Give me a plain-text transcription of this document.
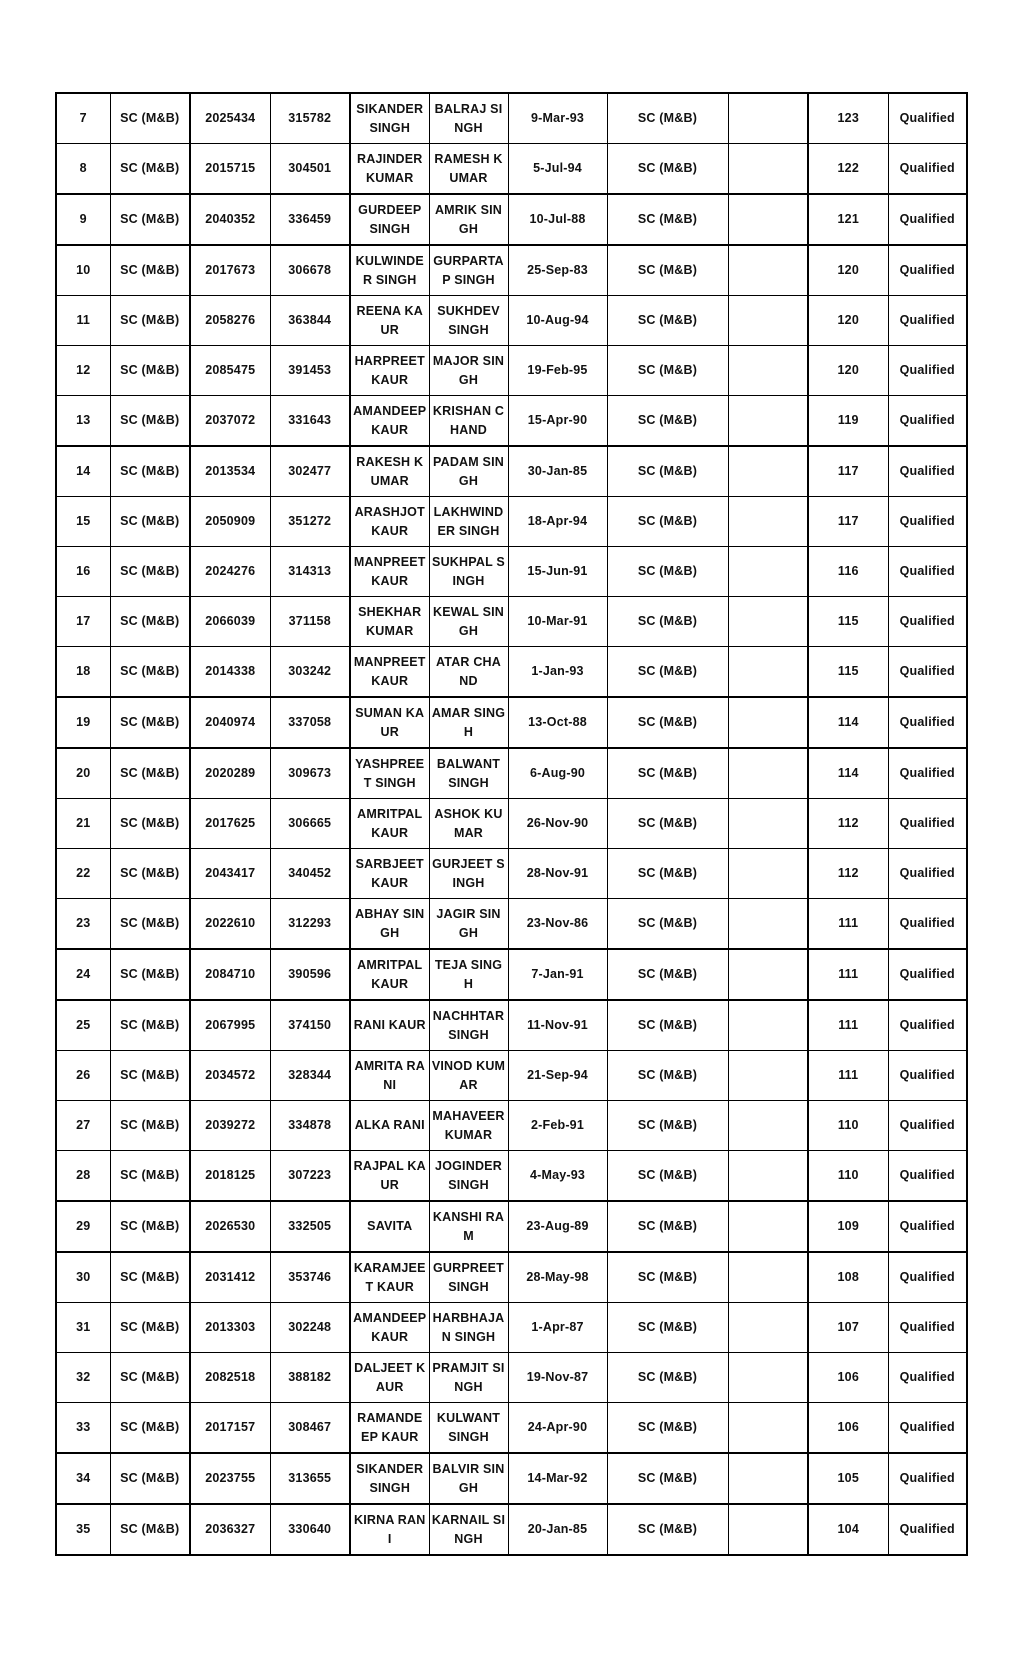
7	SC (M&B)	2025434	315782	SIKANDER SINGH	BALRAJ SINGH	9-Mar-93	SC (M&B)		123	Qualified
8	SC (M&B)	2015715	304501	RAJINDER KUMAR	RAMESH KUMAR	5-Jul-94	SC (M&B)		122	Qualified
9	SC (M&B)	2040352	336459	GURDEEP SINGH	AMRIK SINGH	10-Jul-88	SC (M&B)		121	Qualified
10	SC (M&B)	2017673	306678	KULWINDER SINGH	GURPARTAP SINGH	25-Sep-83	SC (M&B)		120	Qualified
11	SC (M&B)	2058276	363844	REENA KAUR	SUKHDEV SINGH	10-Aug-94	SC (M&B)		120	Qualified
12	SC (M&B)	2085475	391453	HARPREET KAUR	MAJOR SINGH	19-Feb-95	SC (M&B)		120	Qualified
13	SC (M&B)	2037072	331643	AMANDEEP KAUR	KRISHAN CHAND	15-Apr-90	SC (M&B)		119	Qualified
14	SC (M&B)	2013534	302477	RAKESH KUMAR	PADAM SINGH	30-Jan-85	SC (M&B)		117	Qualified
15	SC (M&B)	2050909	351272	ARASHJOT KAUR	LAKHWINDER SINGH	18-Apr-94	SC (M&B)		117	Qualified
16	SC (M&B)	2024276	314313	MANPREET KAUR	SUKHPAL SINGH	15-Jun-91	SC (M&B)		116	Qualified
17	SC (M&B)	2066039	371158	SHEKHAR KUMAR	KEWAL SINGH	10-Mar-91	SC (M&B)		115	Qualified
18	SC (M&B)	2014338	303242	MANPREET KAUR	ATAR CHAND	1-Jan-93	SC (M&B)		115	Qualified
19	SC (M&B)	2040974	337058	SUMAN KAUR	AMAR SINGH	13-Oct-88	SC (M&B)		114	Qualified
20	SC (M&B)	2020289	309673	YASHPREET SINGH	BALWANT SINGH	6-Aug-90	SC (M&B)		114	Qualified
21	SC (M&B)	2017625	306665	AMRITPAL KAUR	ASHOK KUMAR	26-Nov-90	SC (M&B)		112	Qualified
22	SC (M&B)	2043417	340452	SARBJEET KAUR	GURJEET SINGH	28-Nov-91	SC (M&B)		112	Qualified
23	SC (M&B)	2022610	312293	ABHAY SINGH	JAGIR SINGH	23-Nov-86	SC (M&B)		111	Qualified
24	SC (M&B)	2084710	390596	AMRITPAL KAUR	TEJA SINGH	7-Jan-91	SC (M&B)		111	Qualified
25	SC (M&B)	2067995	374150	RANI KAUR	NACHHTAR SINGH	11-Nov-91	SC (M&B)		111	Qualified
26	SC (M&B)	2034572	328344	AMRITA RANI	VINOD KUMAR	21-Sep-94	SC (M&B)		111	Qualified
27	SC (M&B)	2039272	334878	ALKA RANI	MAHAVEER KUMAR	2-Feb-91	SC (M&B)		110	Qualified
28	SC (M&B)	2018125	307223	RAJPAL KAUR	JOGINDER SINGH	4-May-93	SC (M&B)		110	Qualified
29	SC (M&B)	2026530	332505	SAVITA	KANSHI RAM	23-Aug-89	SC (M&B)		109	Qualified
30	SC (M&B)	2031412	353746	KARAMJEET KAUR	GURPREET SINGH	28-May-98	SC (M&B)		108	Qualified
31	SC (M&B)	2013303	302248	AMANDEEP KAUR	HARBHAJAN SINGH	1-Apr-87	SC (M&B)		107	Qualified
32	SC (M&B)	2082518	388182	DALJEET KAUR	PRAMJIT SINGH	19-Nov-87	SC (M&B)		106	Qualified
33	SC (M&B)	2017157	308467	RAMANDEEP KAUR	KULWANT SINGH	24-Apr-90	SC (M&B)		106	Qualified
34	SC (M&B)	2023755	313655	SIKANDER SINGH	BALVIR SINGH	14-Mar-92	SC (M&B)		105	Qualified
35	SC (M&B)	2036327	330640	KIRNA RANI	KARNAIL SINGH	20-Jan-85	SC (M&B)		104	Qualified
